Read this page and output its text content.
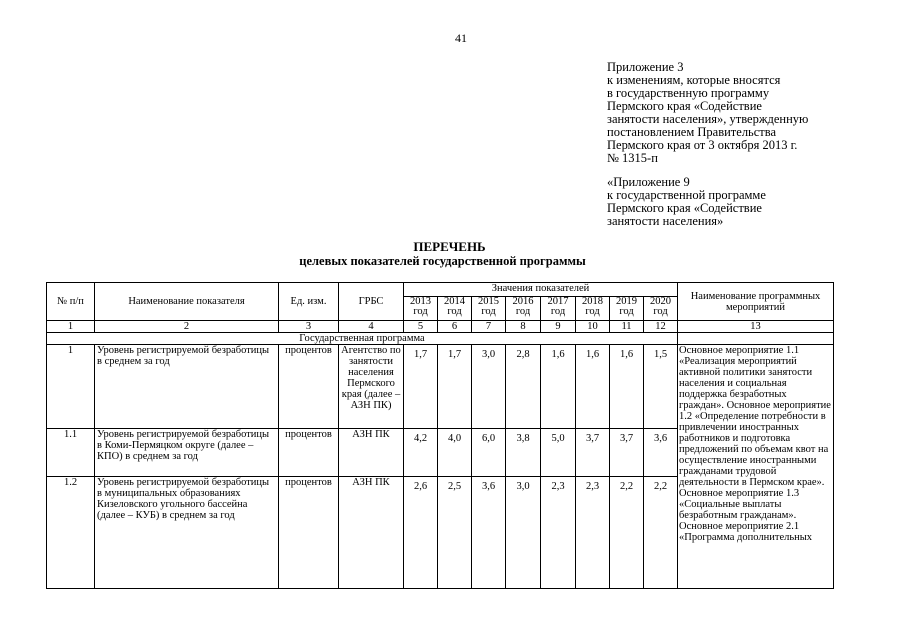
41
Приложение 3
к изменениям, которые вносятся
в государственную программу
Пермского края «Содействие
занятости населения», утвержденную
постановлением Правительства
Пермского края от 3 октября 2013 г.
№ 1315-п
«Приложение 9
к государственной программе
Пермского края «Содействие
занятости населения»
ПЕРЕЧЕНЬ
целевых показателей государственной программы
№ п/п	Наименование показателя	Ед. изм.	ГРБС	Значения показателей								Наименование программных мероприятий
				2013 год	2014 год	2015 год	2016 год	2017 год	2018 год	2019 год	2020 год	
1	2	3	4	5	6	7	8	9	10	11	12	13
Государственная программа												
1	Уровень регистрируемой безработицы в среднем за год	процентов	Агентство по занятости населения Пермского края (далее – АЗН ПК)	1,7	1,7	3,0	2,8	1,6	1,6	1,6	1,5	Основное мероприятие 1.1 «Реализация мероприятий активной политики занятости населения и социальная поддержка безработных граждан». Основное мероприятие 1.2 «Определение потребности в привлечении иностранных работников и подготовка предложений по объемам квот на осуществление иностранными гражданами трудовой деятельности в Пермском крае». Основное мероприятие 1.3 «Социальные выплаты безработным гражданам». Основное мероприятие 2.1 «Программа дополнительных
1.1	Уровень регистрируемой безработицы в Коми-Пермяцком округе (далее – КПО) в среднем за год	процентов	АЗН ПК	4,2	4,0	6,0	3,8	5,0	3,7	3,7	3,6	
1.2	Уровень регистрируемой безработицы в муниципальных образованиях Кизеловского угольного бассейна (далее – КУБ) в среднем за год	процентов	АЗН ПК	2,6	2,5	3,6	3,0	2,3	2,3	2,2	2,2	
